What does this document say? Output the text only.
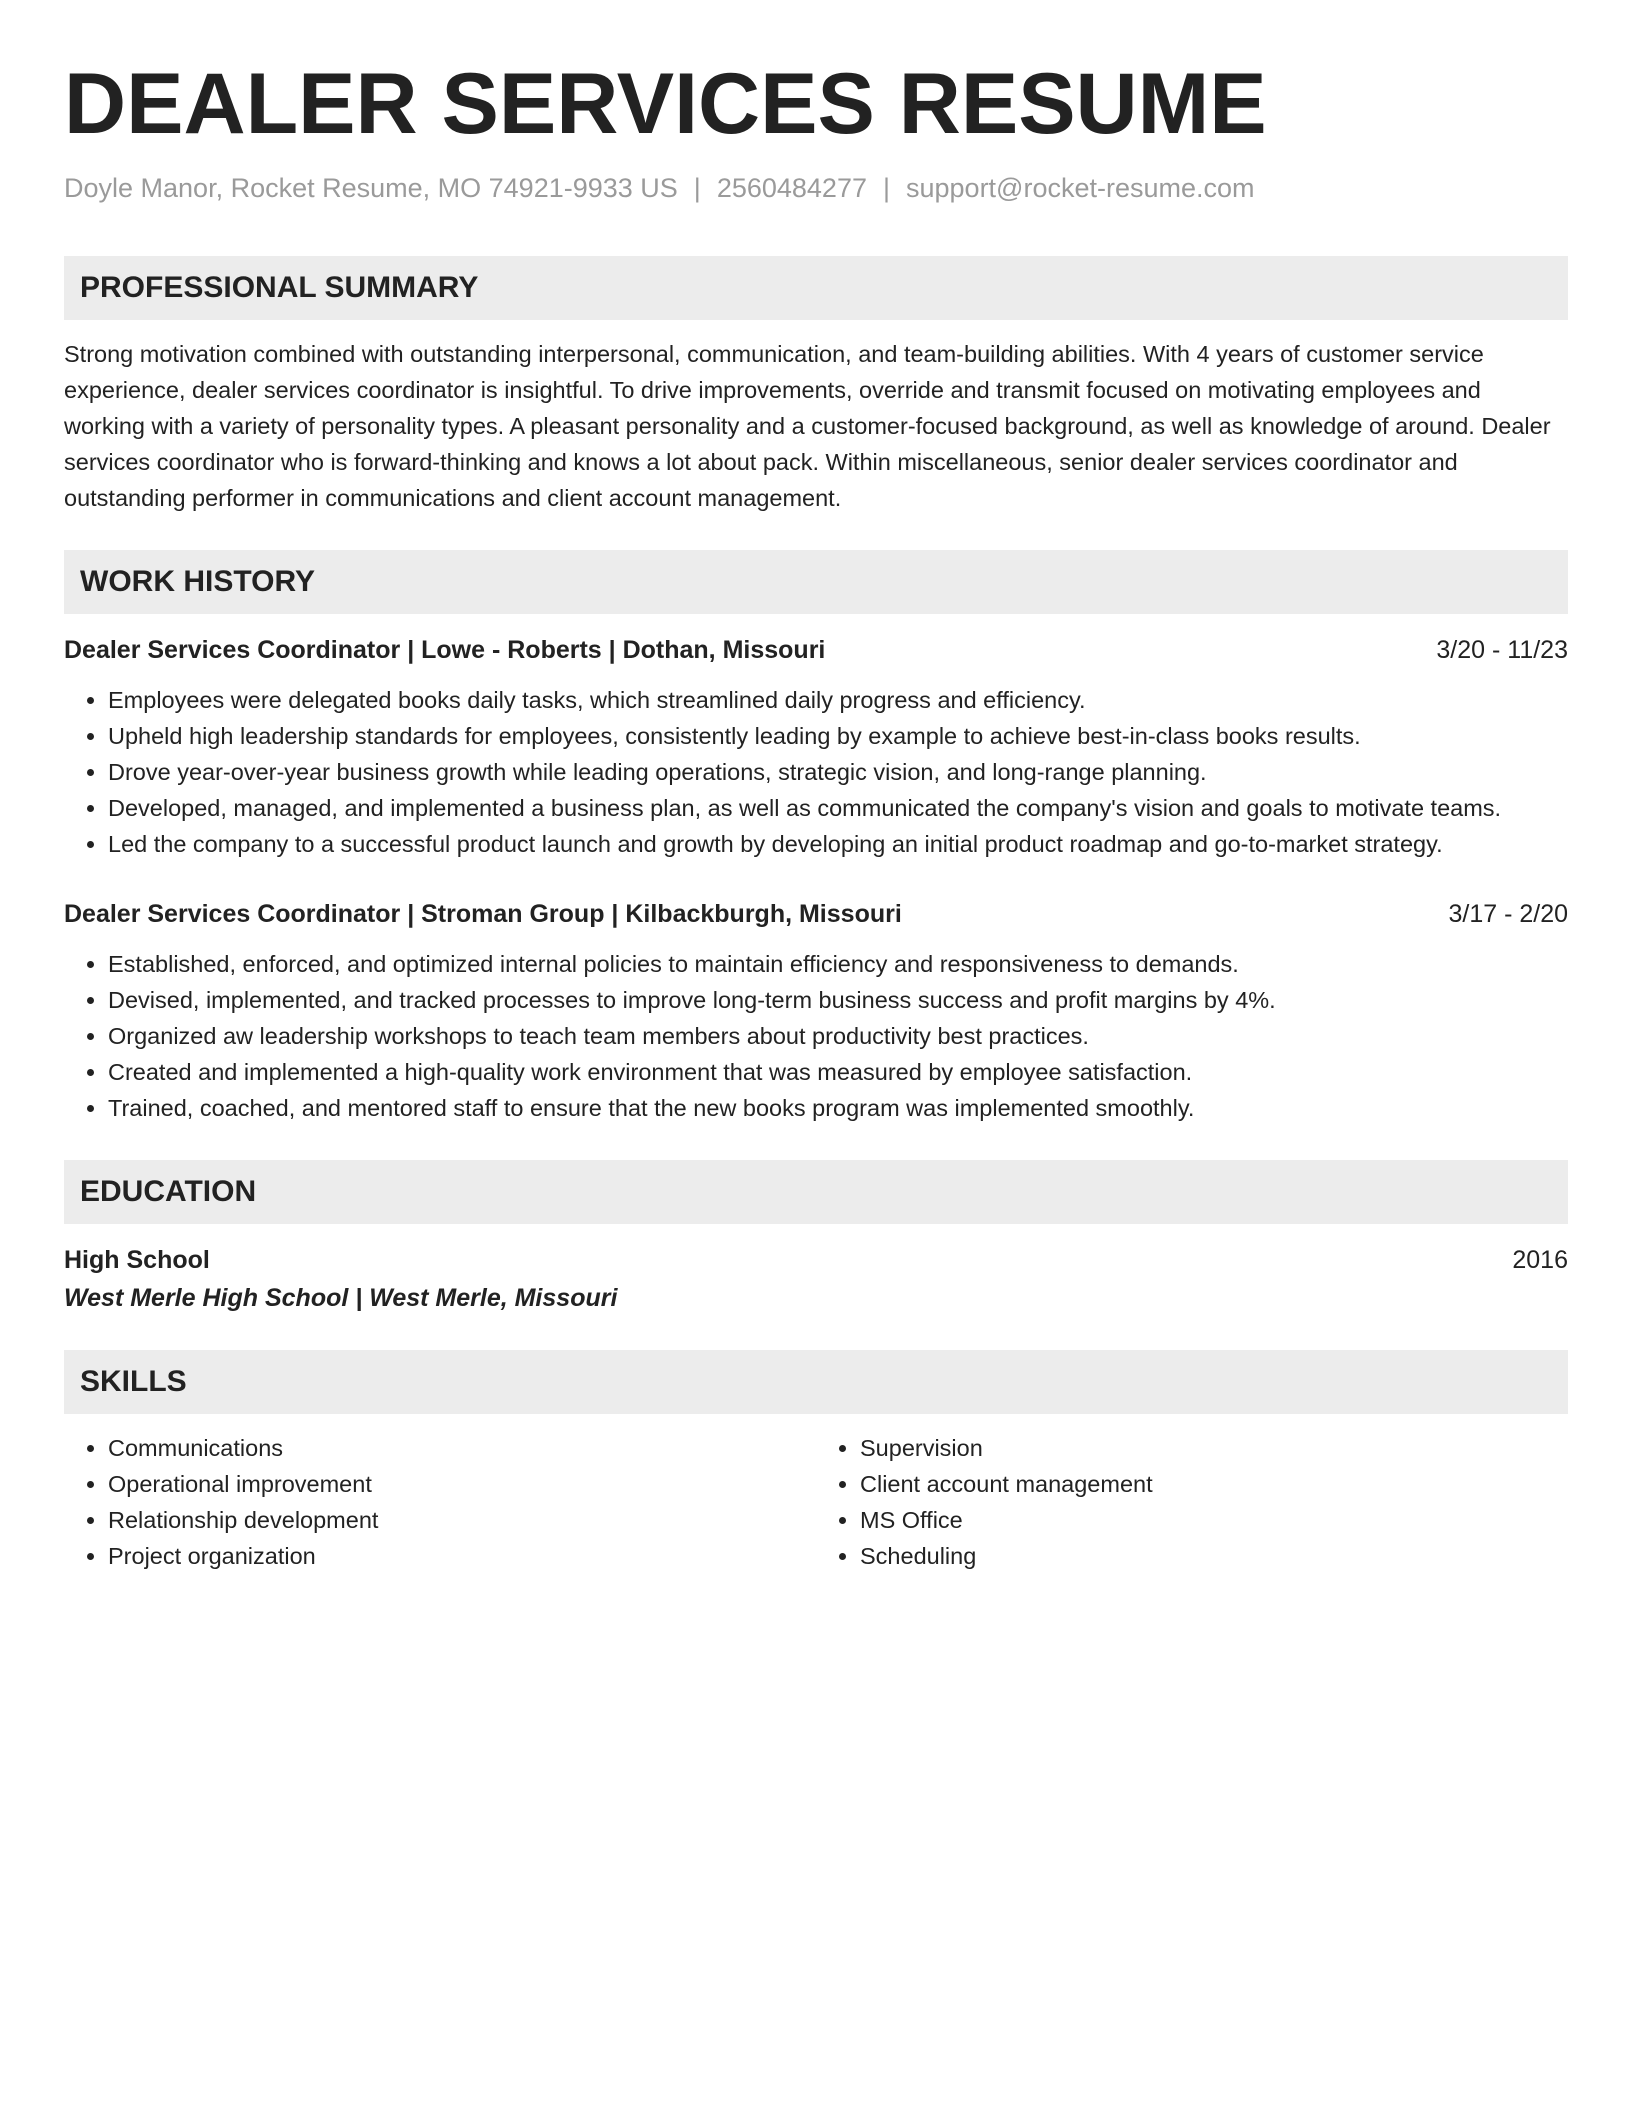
DEALER SERVICES RESUME
Doyle Manor, Rocket Resume, MO 74921-9933 US | 2560484277 | support@rocket-resume.com
PROFESSIONAL SUMMARY

Strong motivation combined with outstanding interpersonal, communication, and team-building abilities. With 4 years of customer service experience, dealer services coordinator is insightful. To drive improvements, override and transmit focused on motivating employees and working with a variety of personality types. A pleasant personality and a customer-focused background, as well as knowledge of around. Dealer services coordinator who is forward-thinking and knows a lot about pack. Within miscellaneous, senior dealer services coordinator and outstanding performer in communications and client account management.

WORK HISTORY
Dealer Services Coordinator | Lowe - Roberts | Dothan, Missouri	3/20 - 11/23
• Employees were delegated books daily tasks, which streamlined daily progress and efficiency.
• Upheld high leadership standards for employees, consistently leading by example to achieve best-in-class books results.
• Drove year-over-year business growth while leading operations, strategic vision, and long-range planning.
• Developed, managed, and implemented a business plan, as well as communicated the company's vision and goals to motivate teams.
• Led the company to a successful product launch and growth by developing an initial product roadmap and go-to-market strategy.
Dealer Services Coordinator | Stroman Group | Kilbackburgh, Missouri	3/17 - 2/20
• Established, enforced, and optimized internal policies to maintain efficiency and responsiveness to demands.
• Devised, implemented, and tracked processes to improve long-term business success and profit margins by 4%.
• Organized aw leadership workshops to teach team members about productivity best practices.
• Created and implemented a high-quality work environment that was measured by employee satisfaction.
• Trained, coached, and mentored staff to ensure that the new books program was implemented smoothly.
EDUCATION
High School	2016
West Merle High School | West Merle, Missouri
SKILLS
• Communications
• Operational improvement
• Relationship development
• Project organization
• Supervision
• Client account management
• MS Office
• Scheduling
